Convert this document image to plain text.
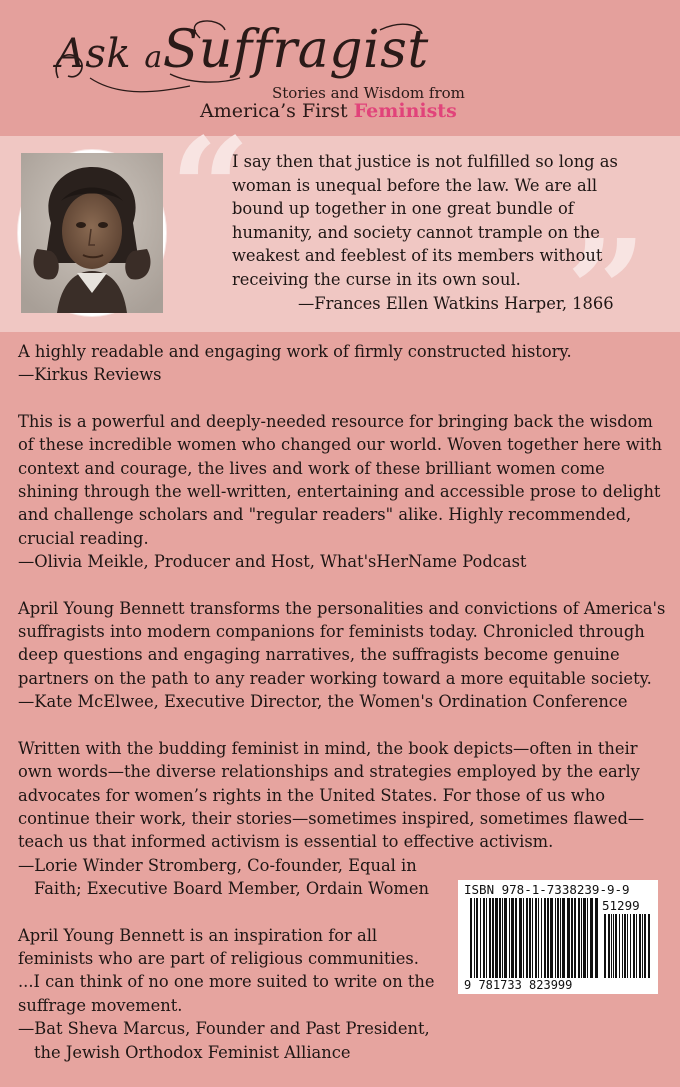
Ask aSuffragist
Stories and Wisdom from
America’s First Feminists
“
”
I say then that justice is not fulfilled so long as woman is unequal before the law. We are all bound up together in one great bundle of humanity, and society cannot trample on the weakest and feeblest of its members without receiving the curse in its own soul.
—Frances Ellen Watkins Harper, 1866

A highly readable and engaging work of firmly constructed history.

—Kirkus Reviews

This is a powerful and deeply-needed resource for bringing back the wisdom of these incredible women who changed our world. Woven together here with context and courage, the lives and work of these brilliant women come shining through the well-written, entertaining and accessible prose to delight and challenge scholars and "regular readers" alike. Highly recommended, crucial reading.

—Olivia Meikle, Producer and Host, What'sHerName Podcast

April Young Bennett transforms the personalities and convictions of America's suffragists into modern companions for feminists today. Chronicled through deep questions and engaging narratives, the suffragists become genuine partners on the path to any reader working toward a more equitable society.

—Kate McElwee, Executive Director, the Women's Ordination Conference

Written with the budding feminist in mind, the book depicts—often in their own words—the diverse relationships and strategies employed by the early advocates for women’s rights in the United States. For those of us who continue their work, their stories—sometimes inspired, sometimes flawed—teach us that informed activism is essential to effective activism.

—Lorie Winder Stromberg, Co-founder, Equal in

Faith; Executive Board Member, Ordain Women

April Young Bennett is an inspiration for all feminists who are part of religious communities. ...I can think of no one more suited to write on the suffrage movement.

—Bat Sheva Marcus, Founder and Past President,

the Jewish Orthodox Feminist Alliance

ISBN 978-1-7338239-9-9
51299
9 781733 823999
